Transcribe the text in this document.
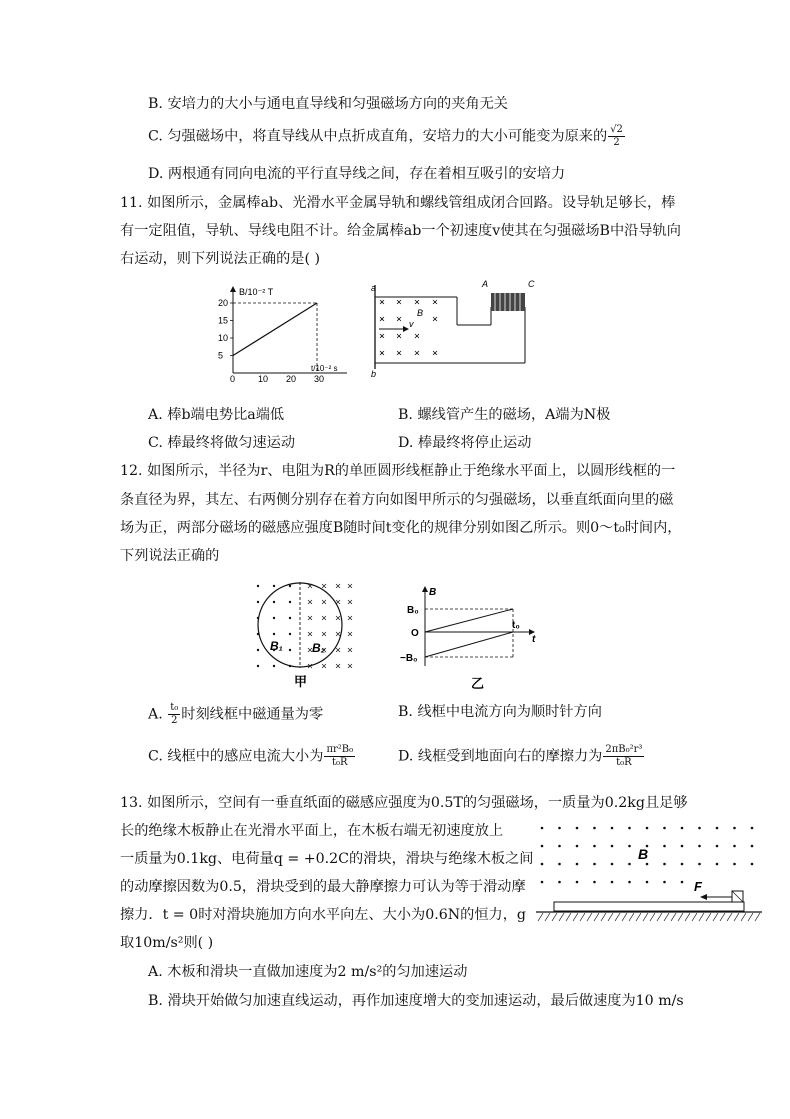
B. 安培力的大小与通电直导线和匀强磁场方向的夹角无关
C. 匀强磁场中，将直导线从中点折成直角，安培力的大小可能变为原来的 $\frac{√2}{2}$
D. 两根通有同向电流的平行直导线之间，存在着相互吸引的安培力
11. 如图所示，金属棒ab、光滑水平金属导轨和螺线管组成闭合回路。设导轨足够长，棒
有一定阻值，导轨、导线电阻不计。给金属棒ab一个初速度v使其在匀强磁场B中沿导轨向
右运动，则下列说法正确的是( )
B/10⁻² T
t/10⁻² s
5
10
15
20
0	10 20 30
a
b
B
v
A	C
A. 棒b端电势比a端低	B. 螺线管产生的磁场，A端为N极
C. 棒最终将做匀速运动	D. 棒最终将停止运动
12. 如图所示，半径为r、电阻为R的单匝圆形线框静止于绝缘水平面上，以圆形线框的一
条直径为界，其左、右两侧分别存在着方向如图甲所示的匀强磁场，以垂直纸面向里的磁
场为正，两部分磁场的磁感应强度B随时间t变化的规律分别如图乙所示。则0～t₀时间内，
下列说法正确的
B₁ B₂
甲
B
t
B₀
O
−B₀
t₀
乙
A. $\frac{\text{t₀}}{2}$ 时刻线框中磁通量为零	B. 线框中电流方向为顺时针方向
C. 线框中的感应电流大小为 $\frac{\text{πr²B₀}}{\text{t₀R}}$	D. 线框受到地面向右的摩擦力为 $\frac{\text{2πB₀²r³}}{\text{t₀R}}$
13. 如图所示，空间有一垂直纸面的磁感应强度为0.5T的匀强磁场，一质量为0.2kg且足够
长的绝缘木板静止在光滑水平面上，在木板右端无初速度放上
一质量为0.1kg、电荷量q = +0.2C的滑块，滑块与绝缘木板之间
的动摩擦因数为0.5，滑块受到的最大静摩擦力可认为等于滑动摩
擦力．t = 0时对滑块施加方向水平向左、大小为0.6N的恒力，g
取10m/s²则( )
B
F
A. 木板和滑块一直做加速度为2 m/s²的匀加速运动
B. 滑块开始做匀加速直线运动，再作加速度增大的变加速运动，最后做速度为10 m/s
